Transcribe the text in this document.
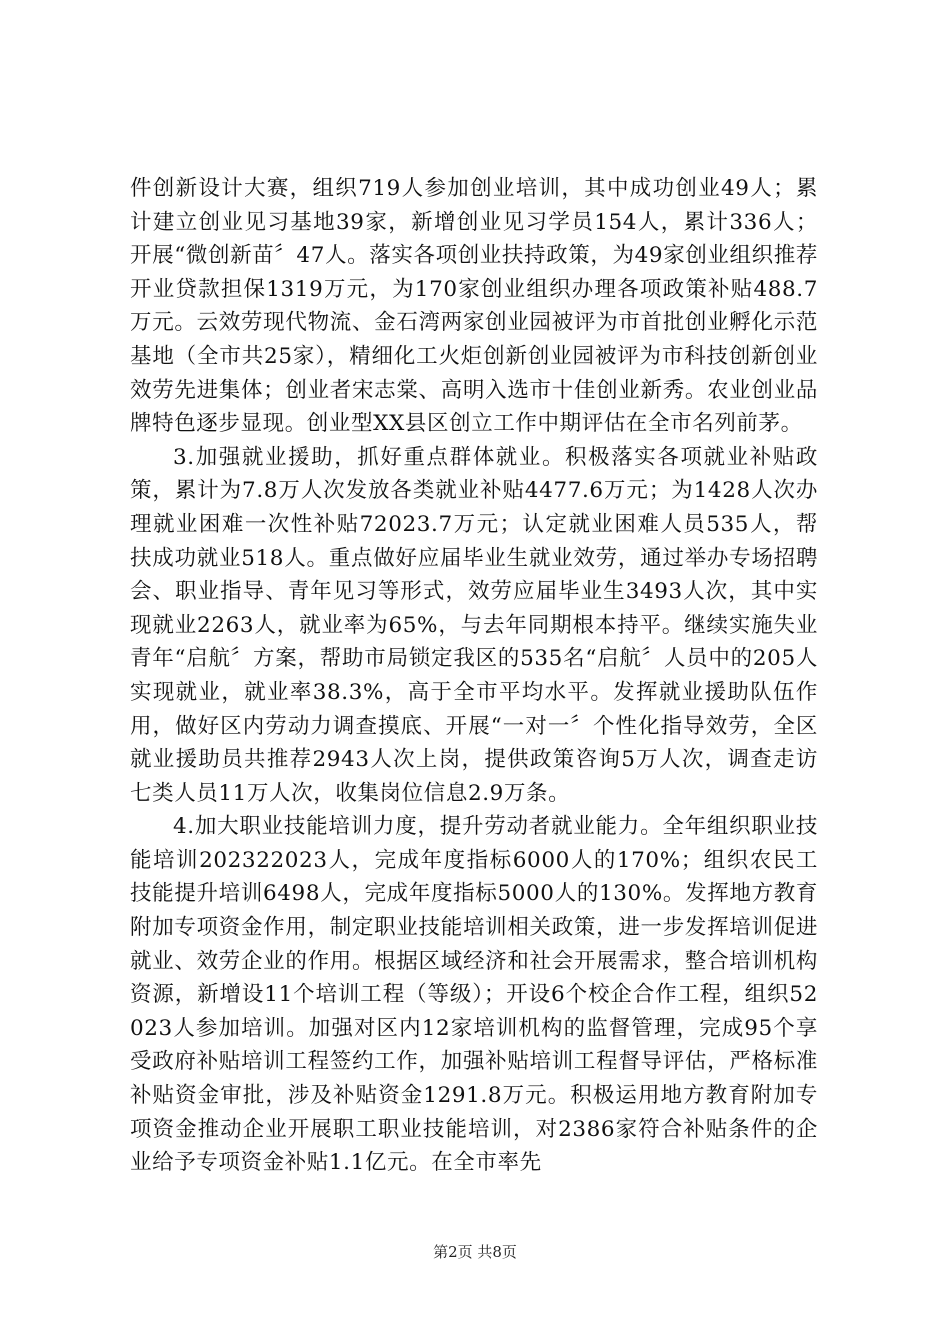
件创新设计大赛，组织719人参加创业培训，其中成功创业49人；累计建立创业见习基地39家，新增创业见习学员154人，累计336人；开展“微创新苗〞47人。落实各项创业扶持政策，为49家创业组织推荐开业贷款担保1319万元，为170家创业组织办理各项政策补贴488.7万元。云效劳现代物流、金石湾两家创业园被评为市首批创业孵化示范基地（全市共25家），精细化工火炬创新创业园被评为市科技创新创业效劳先进集体；创业者宋志棠、高明入选市十佳创业新秀。农业创业品牌特色逐步显现。创业型XX县区创立工作中期评估在全市名列前茅。

3.加强就业援助，抓好重点群体就业。积极落实各项就业补贴政策，累计为7.8万人次发放各类就业补贴4477.6万元；为1428人次办理就业困难一次性补贴72023.7万元；认定就业困难人员535人，帮扶成功就业518人。重点做好应届毕业生就业效劳，通过举办专场招聘会、职业指导、青年见习等形式，效劳应届毕业生3493人次，其中实现就业2263人，就业率为65%，与去年同期根本持平。继续实施失业青年“启航〞方案，帮助市局锁定我区的535名“启航〞人员中的205人实现就业，就业率38.3%，高于全市平均水平。发挥就业援助队伍作用，做好区内劳动力调查摸底、开展“一对一〞个性化指导效劳，全区就业援助员共推荐2943人次上岗，提供政策咨询5万人次，调查走访七类人员11万人次，收集岗位信息2.9万条。

4.加大职业技能培训力度，提升劳动者就业能力。全年组织职业技能培训202322023人，完成年度指标6000人的170%；组织农民工技能提升培训6498人，完成年度指标5000人的130%。发挥地方教育附加专项资金作用，制定职业技能培训相关政策，进一步发挥培训促进就业、效劳企业的作用。根据区域经济和社会开展需求，整合培训机构资源，新增设11个培训工程（等级）；开设6个校企合作工程，组织52023人参加培训。加强对区内12家培训机构的监督管理，完成95个享受政府补贴培训工程签约工作，加强补贴培训工程督导评估，严格标准补贴资金审批，涉及补贴资金1291.8万元。积极运用地方教育附加专项资金推动企业开展职工职业技能培训，对2386家符合补贴条件的企业给予专项资金补贴1.1亿元。在全市率先

第2页 共8页
